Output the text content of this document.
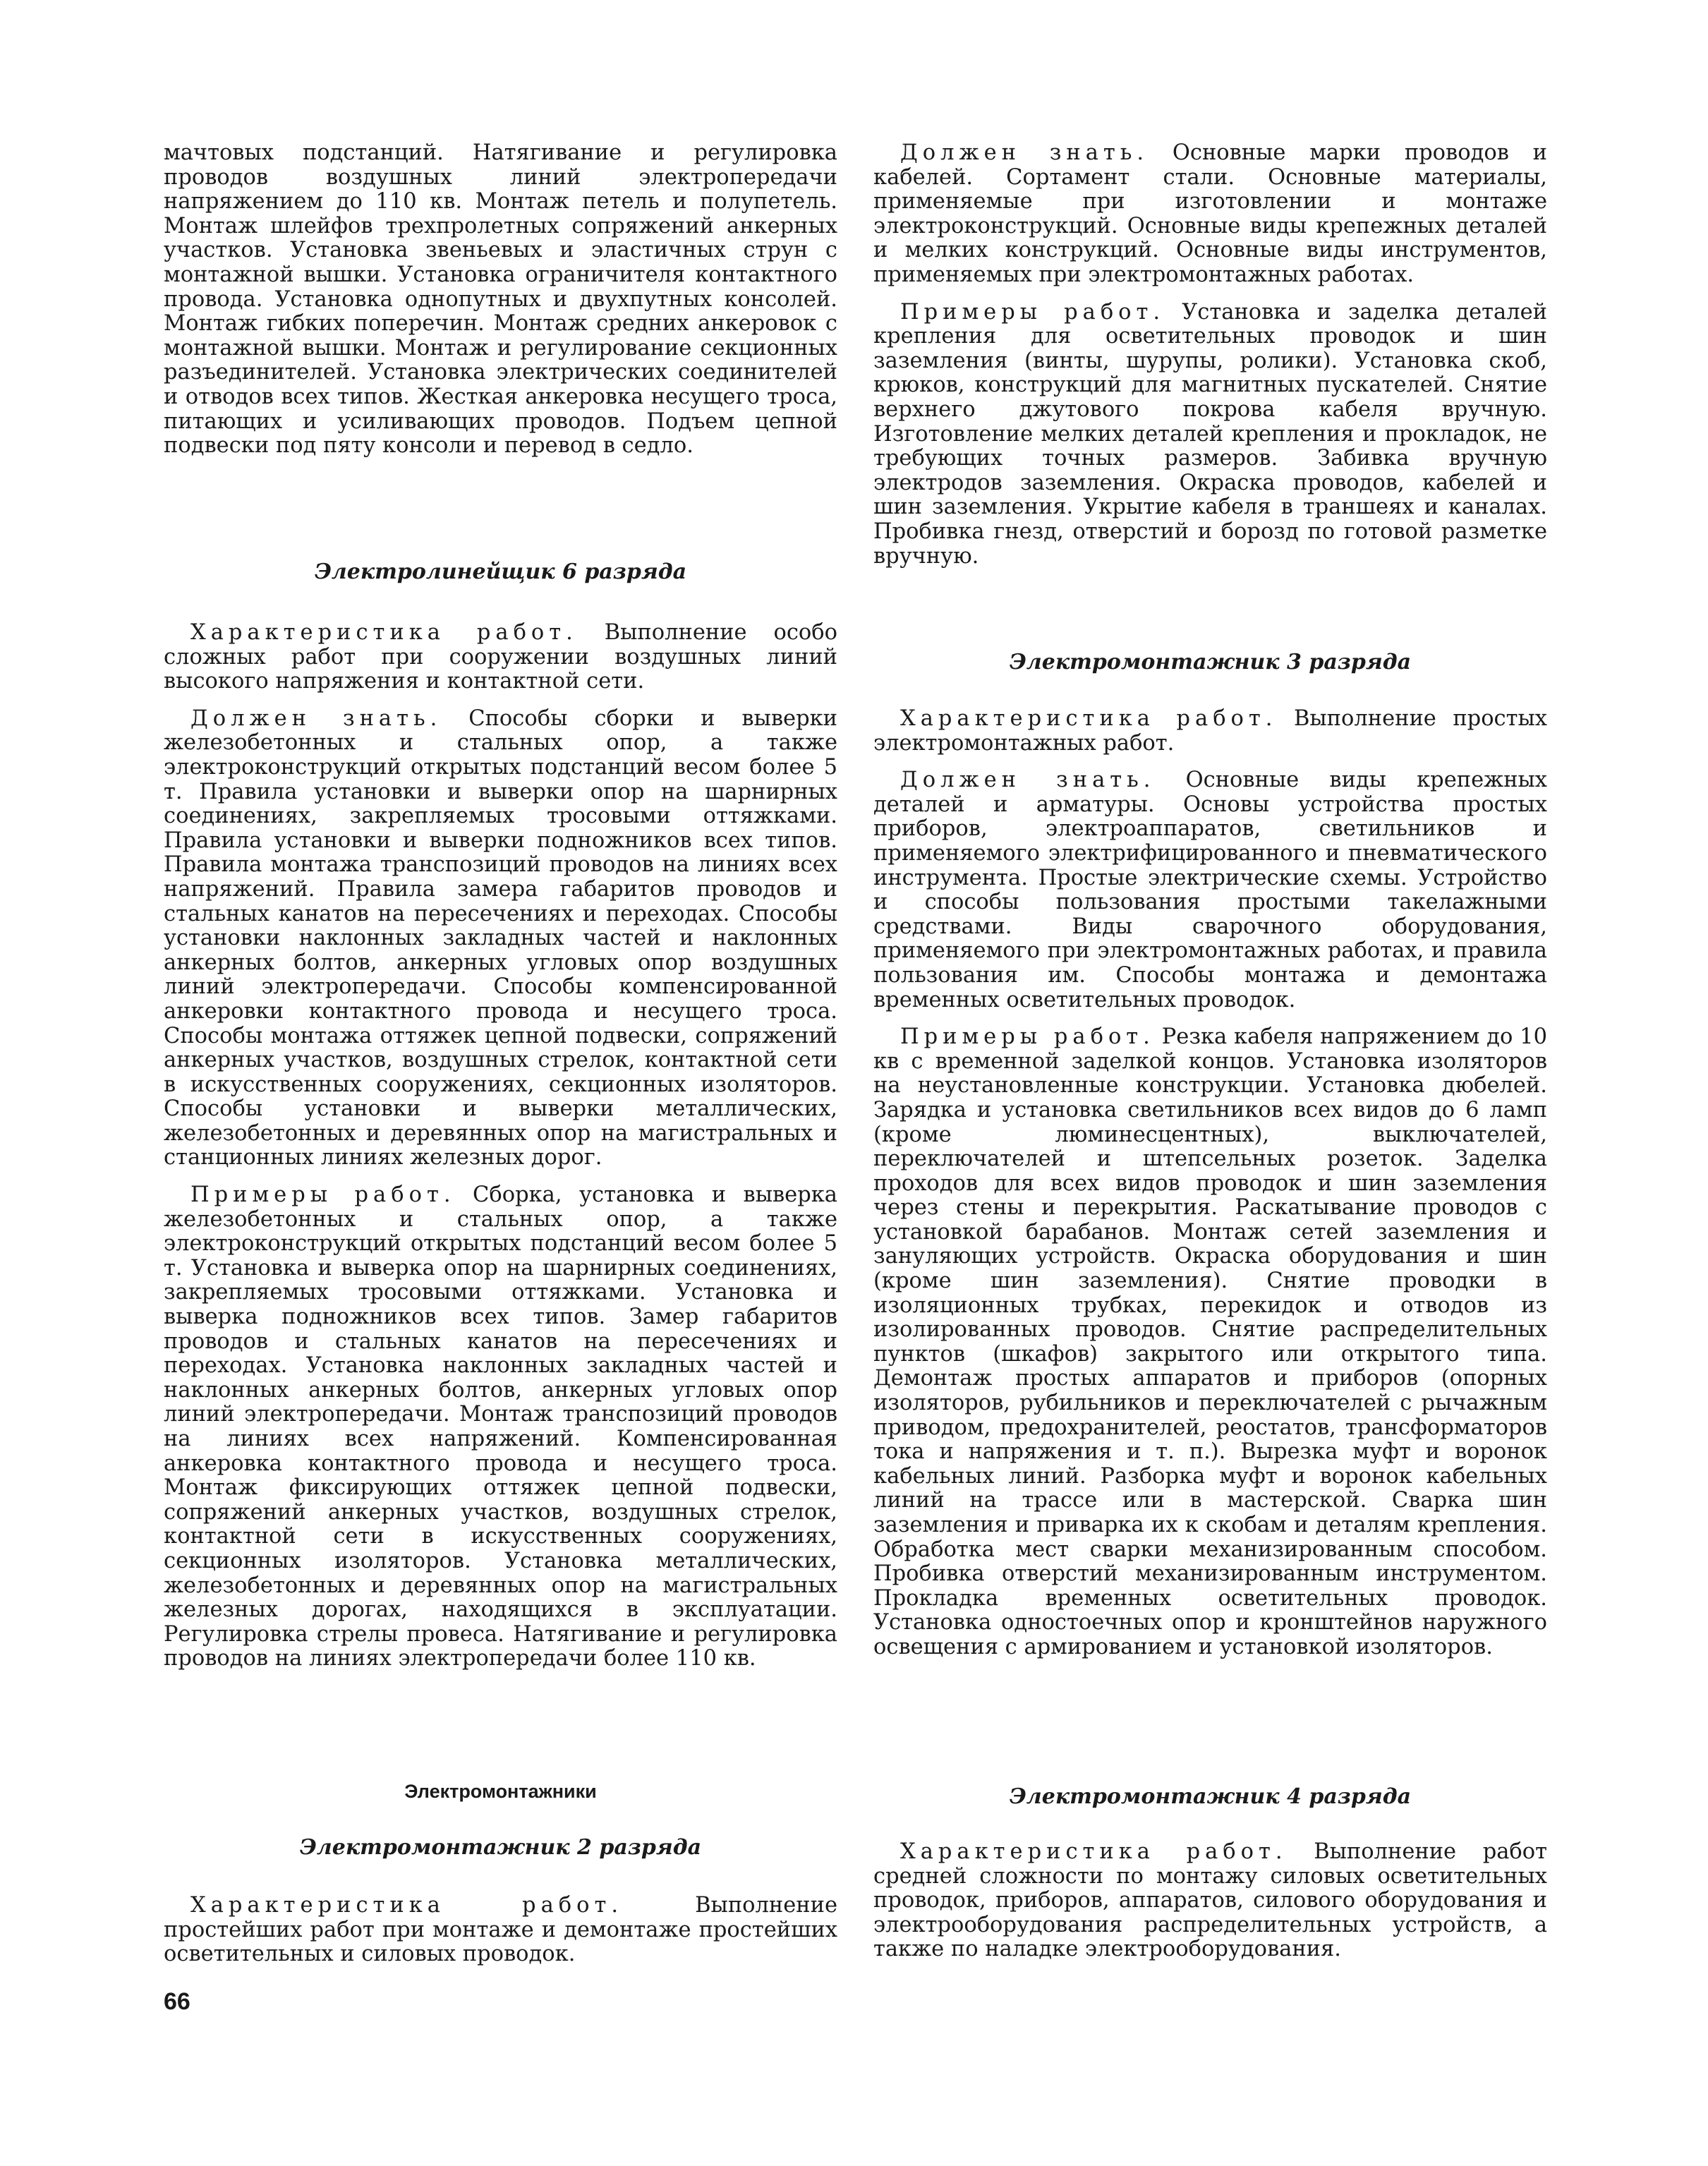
мачтовых подстанций. Натягивание и регулировка проводов воздушных линий электропередачи напряжением до 110 кв. Монтаж петель и полупетель. Монтаж шлейфов трехпролетных сопряжений анкерных участков. Установка звеньевых и эластичных струн с монтажной вышки. Установка ограничителя контактного провода. Установка однопутных и двухпутных консолей. Монтаж гибких поперечин. Монтаж средних анкеровок с монтажной вышки. Монтаж и регулирование секционных разъединителей. Установка электрических соединителей и отводов всех типов. Жесткая анкеровка несущего троса, питающих и усиливающих проводов. Подъем цепной подвески под пяту консоли и перевод в седло.

Электролинейщик 6 разряда

Характеристика работ. Выполнение особо сложных работ при сооружении воздушных линий высокого напряжения и контактной сети.

Должен знать. Способы сборки и выверки железобетонных и стальных опор, а также электроконструкций открытых подстанций весом более 5 т. Правила установки и выверки опор на шарнирных соединениях, закрепляемых тросовыми оттяжками. Правила установки и выверки подножников всех типов. Правила монтажа транспозиций проводов на линиях всех напряжений. Правила замера габаритов проводов и стальных канатов на пересечениях и переходах. Способы установки наклонных закладных частей и наклонных анкерных болтов, анкерных угловых опор воздушных линий электропередачи. Способы компенсированной анкеровки контактного провода и несущего троса. Способы монтажа оттяжек цепной подвески, сопряжений анкерных участков, воздушных стрелок, контактной сети в искусственных сооружениях, секционных изоляторов. Способы установки и выверки металлических, железобетонных и деревянных опор на магистральных и станционных линиях железных дорог.

Примеры работ. Сборка, установка и выверка железобетонных и стальных опор, а также электроконструкций открытых подстанций весом более 5 т. Установка и выверка опор на шарнирных соединениях, закрепляемых тросовыми оттяжками. Установка и выверка подножников всех типов. Замер габаритов проводов и стальных канатов на пересечениях и переходах. Установка наклонных закладных частей и наклонных анкерных болтов, анкерных угловых опор линий электропередачи. Монтаж транспозиций проводов на линиях всех напряжений. Компенсированная анкеровка контактного провода и несущего троса. Монтаж фиксирующих оттяжек цепной подвески, сопряжений анкерных участков, воздушных стрелок, контактной сети в искусственных сооружениях, секционных изоляторов. Установка металлических, железобетонных и деревянных опор на магистральных железных дорогах, находящихся в эксплуатации. Регулировка стрелы провеса. Натягивание и регулировка проводов на линиях электропередачи более 110 кв.

Электромонтажники
Электромонтажник 2 разряда

Характеристика работ. Выполнение простейших работ при монтаже и демонтаже простейших осветительных и силовых проводок.

Должен знать. Основные марки проводов и кабелей. Сортамент стали. Основные материалы, применяемые при изготовлении и монтаже электроконструкций. Основные виды крепежных деталей и мелких конструкций. Основные виды инструментов, применяемых при электромонтажных работах.

Примеры работ. Установка и заделка деталей крепления для осветительных проводок и шин заземления (винты, шурупы, ролики). Установка скоб, крюков, конструкций для магнитных пускателей. Снятие верхнего джутового покрова кабеля вручную. Изготовление мелких деталей крепления и прокладок, не требующих точных размеров. Забивка вручную электродов заземления. Окраска проводов, кабелей и шин заземления. Укрытие кабеля в траншеях и каналах. Пробивка гнезд, отверстий и борозд по готовой разметке вручную.

Электромонтажник 3 разряда

Характеристика работ. Выполнение простых электромонтажных работ.

Должен знать. Основные виды крепежных деталей и арматуры. Основы устройства простых приборов, электроаппаратов, светильников и применяемого электрифицированного и пневматического инструмента. Простые электрические схемы. Устройство и способы пользования простыми такелажными средствами. Виды сварочного оборудования, применяемого при электромонтажных работах, и правила пользования им. Способы монтажа и демонтажа временных осветительных проводок.

Примеры работ. Резка кабеля напряжением до 10 кв с временной заделкой концов. Установка изоляторов на неустановленные конструкции. Установка дюбелей. Зарядка и установка светильников всех видов до 6 ламп (кроме люминесцентных), выключателей, переключателей и штепсельных розеток. Заделка проходов для всех видов проводок и шин заземления через стены и перекрытия. Раскатывание проводов с установкой барабанов. Монтаж сетей заземления и зануляющих устройств. Окраска оборудования и шин (кроме шин заземления). Снятие проводки в изоляционных трубках, перекидок и отводов из изолированных проводов. Снятие распределительных пунктов (шкафов) закрытого или открытого типа. Демонтаж простых аппаратов и приборов (опорных изоляторов, рубильников и переключателей с рычажным приводом, предохранителей, реостатов, трансформаторов тока и напряжения и т. п.). Вырезка муфт и воронок кабельных линий. Разборка муфт и воронок кабельных линий на трассе или в мастерской. Сварка шин заземления и приварка их к скобам и деталям крепления. Обработка мест сварки механизированным способом. Пробивка отверстий механизированным инструментом. Прокладка временных осветительных проводок. Установка одностоечных опор и кронштейнов наружного освещения с армированием и установкой изоляторов.

Электромонтажник 4 разряда

Характеристика работ. Выполнение работ средней сложности по монтажу силовых осветительных проводок, приборов, аппаратов, силового оборудования и электрооборудования распределительных устройств, а также по наладке электрооборудования.

66
